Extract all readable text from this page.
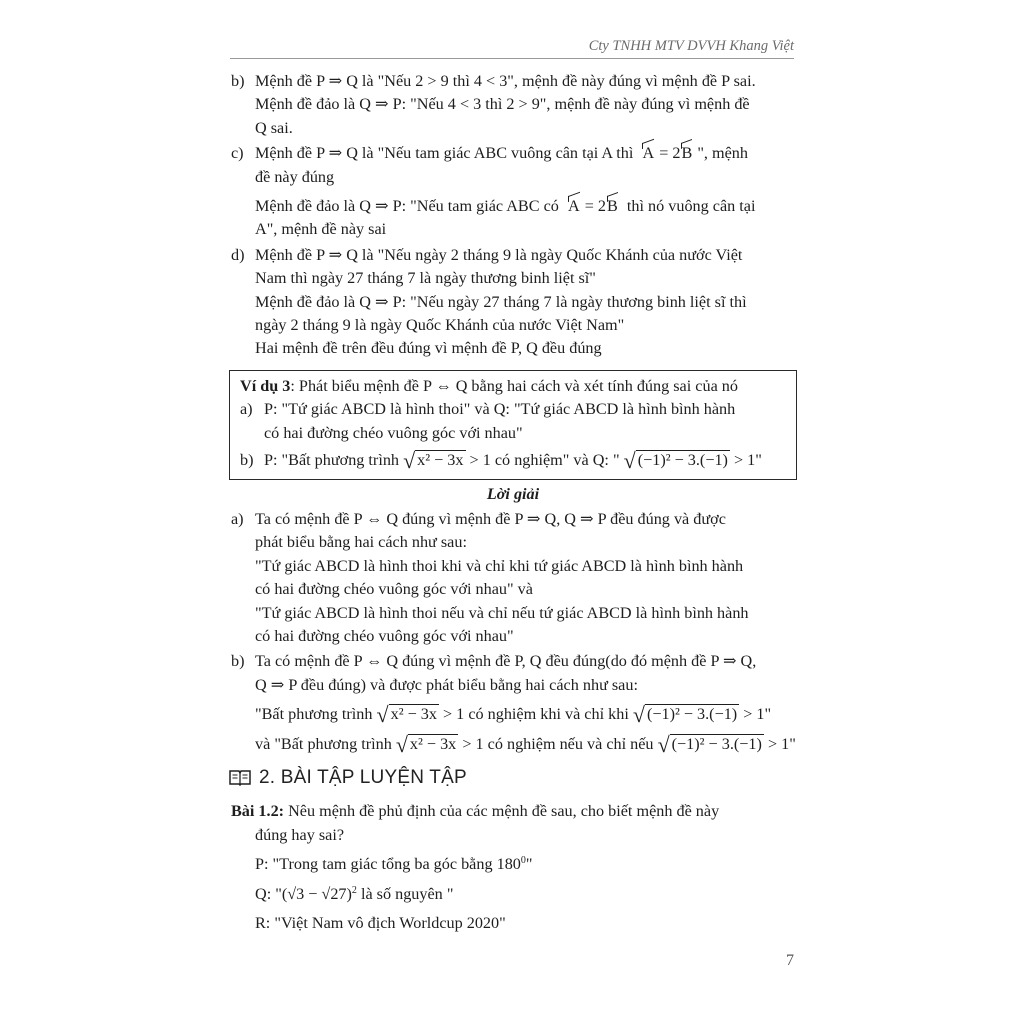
Cty TNHH MTV DVVH Khang Việt
b) Mệnh đề P ⇒ Q là "Nếu 2 > 9 thì 4 < 3", mệnh đề này đúng vì mệnh đề P sai.
Mệnh đề đảo là Q ⇒ P: "Nếu 4 < 3 thì 2 > 9", mệnh đề này đúng vì mệnh đề
Q sai.
c) Mệnh đề P ⇒ Q là "Nếu tam giác ABC vuông cân tại A thì A = 2B ", mệnh
đề này đúng
Mệnh đề đảo là Q ⇒ P: "Nếu tam giác ABC có A = 2B thì nó vuông cân tại
A", mệnh đề này sai
d) Mệnh đề P ⇒ Q là "Nếu ngày 2 tháng 9 là ngày Quốc Khánh của nước Việt
Nam thì ngày 27 tháng 7 là ngày thương binh liệt sĩ"
Mệnh đề đảo là Q ⇒ P: "Nếu ngày 27 tháng 7 là ngày thương binh liệt sĩ thì
ngày 2 tháng 9 là ngày Quốc Khánh của nước Việt Nam"
Hai mệnh đề trên đều đúng vì mệnh đề P, Q đều đúng
Ví dụ 3: Phát biểu mệnh đề P ⇔ Q bằng hai cách và xét tính đúng sai của nó
a) P: "Tứ giác ABCD là hình thoi" và Q: "Tứ giác ABCD là hình bình hành
có hai đường chéo vuông góc với nhau"
b) P: "Bất phương trình √ x² − 3x > 1 có nghiệm" và Q: " √ (−1)² − 3.(−1) > 1"
Lời giải
a) Ta có mệnh đề P ⇔ Q đúng vì mệnh đề P ⇒ Q, Q ⇒ P đều đúng và được
phát biểu bằng hai cách như sau:
"Tứ giác ABCD là hình thoi khi và chỉ khi tứ giác ABCD là hình bình hành
có hai đường chéo vuông góc với nhau" và
"Tứ giác ABCD là hình thoi nếu và chỉ nếu tứ giác ABCD là hình bình hành
có hai đường chéo vuông góc với nhau"
b) Ta có mệnh đề P ⇔ Q đúng vì mệnh đề P, Q đều đúng(do đó mệnh đề P ⇒ Q,
Q ⇒ P đều đúng) và được phát biểu bằng hai cách như sau:
"Bất phương trình √ x² − 3x > 1 có nghiệm khi và chỉ khi √ (−1)² − 3.(−1) > 1"
và "Bất phương trình √ x² − 3x > 1 có nghiệm nếu và chỉ nếu √ (−1)² − 3.(−1) > 1"
2. BÀI TẬP LUYỆN TẬP
Bài 1.2: Nêu mệnh đề phủ định của các mệnh đề sau, cho biết mệnh đề này
đúng hay sai?
P: "Trong tam giác tổng ba góc bằng $180^0$"
Q: "$(√3 - √27)^2$ là số nguyên "
R: "Việt Nam vô địch Worldcup 2020"
7
